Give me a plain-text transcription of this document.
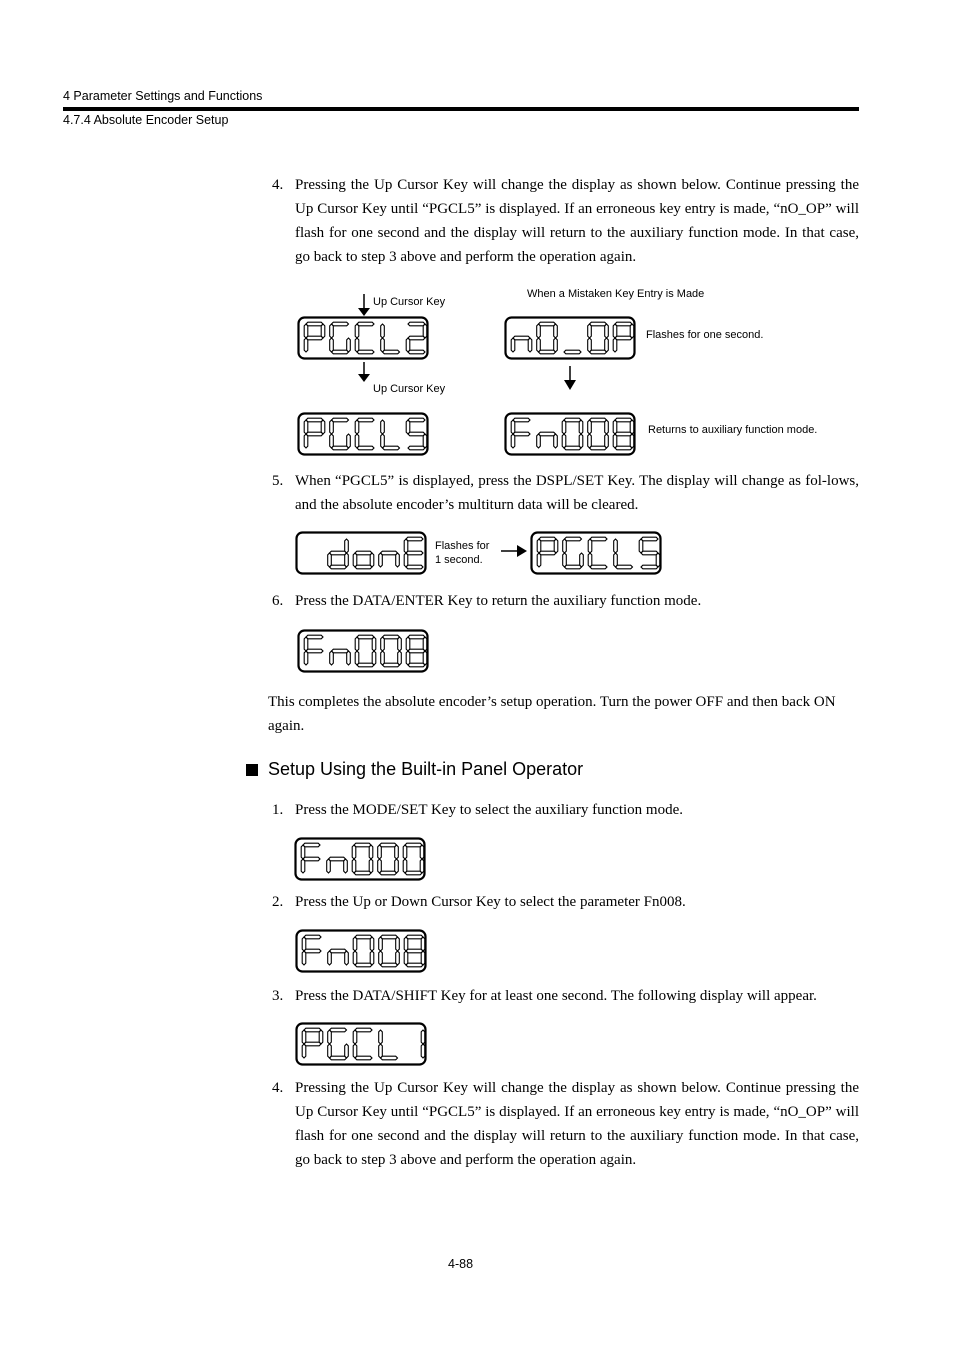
4 Parameter Settings and Functions
4.7.4 Absolute Encoder Setup
4. Pressing the Up Cursor Key will change the display as shown below. Continue pressing the Up Cursor Key until “PGCL5” is displayed. If an erroneous key entry is made, “nO_OP” will flash for one second and the display will return to the auxiliary function mode. In that case, go back to step 3 above and perform the operation again.
Up Cursor Key
Up Cursor Key
When a Mistaken Key Entry is Made
Flashes for one second.
Returns to auxiliary function mode.
5. When “PGCL5” is displayed, press the DSPL/SET Key. The display will change as fol-lows, and the absolute encoder’s multiturn data will be cleared.
Flashes for
1 second.
6. Press the DATA/ENTER Key to return the auxiliary function mode.
This completes the absolute encoder’s setup operation. Turn the power OFF and then back ON again.
Setup Using the Built-in Panel Operator
1. Press the MODE/SET Key to select the auxiliary function mode.
2. Press the Up or Down Cursor Key to select the parameter Fn008.
3. Press the DATA/SHIFT Key for at least one second. The following display will appear.
4. Pressing the Up Cursor Key will change the display as shown below. Continue pressing the Up Cursor Key until “PGCL5” is displayed. If an erroneous key entry is made, “nO_OP” will flash for one second and the display will return to the auxiliary function mode. In that case, go back to step 3 above and perform the operation again.
4-88
